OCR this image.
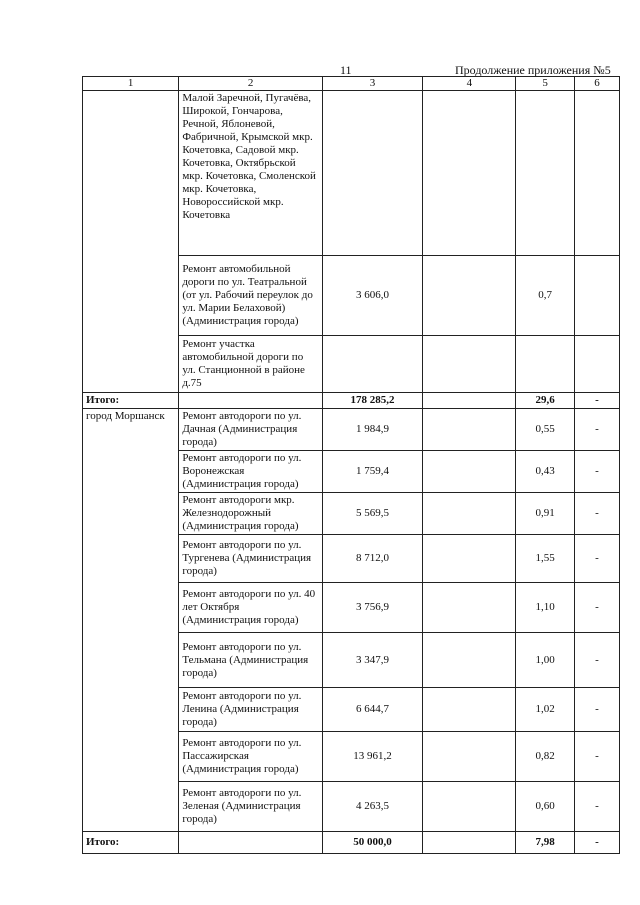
11	Продолжение приложения №5
1	2	3	4	5	6
	Малой Заречной, Пугачёва, Широкой, Гончарова, Речной, Яблоневой, Фабричной, Крымской мкр. Кочетовка, Садовой мкр. Кочетовка, Октябрьской мкр. Кочетовка, Смоленской мкр. Кочетовка, Новороссийской мкр. Кочетовка				
	Ремонт автомобильной дороги по ул. Театральной (от ул. Рабочий переулок до ул. Марии Белаховой) (Администрация города)	3 606,0		0,7	
	Ремонт участка автомобильной дороги по ул. Станционной в районе д.75				
Итого:		178 285,2		29,6	-
город Моршанск	Ремонт автодороги по ул. Дачная (Администрация города)	1 984,9		0,55	-
	Ремонт автодороги по ул. Воронежская (Администрация города)	1 759,4		0,43	-
	Ремонт автодороги мкр. Железнодорожный (Администрация города)	5 569,5		0,91	-
	Ремонт автодороги по ул. Тургенева (Администрация города)	8 712,0		1,55	-
	Ремонт автодороги по ул. 40 лет Октября (Администрация города)	3 756,9		1,10	-
	Ремонт автодороги по ул. Тельмана (Администрация города)	3 347,9		1,00	-
	Ремонт автодороги по ул. Ленина (Администрация города)	6 644,7		1,02	-
	Ремонт автодороги по ул. Пассажирская (Администрация города)	13 961,2		0,82	-
	Ремонт автодороги по ул. Зеленая (Администрация города)	4 263,5		0,60	-
Итого:		50 000,0		7,98	-
